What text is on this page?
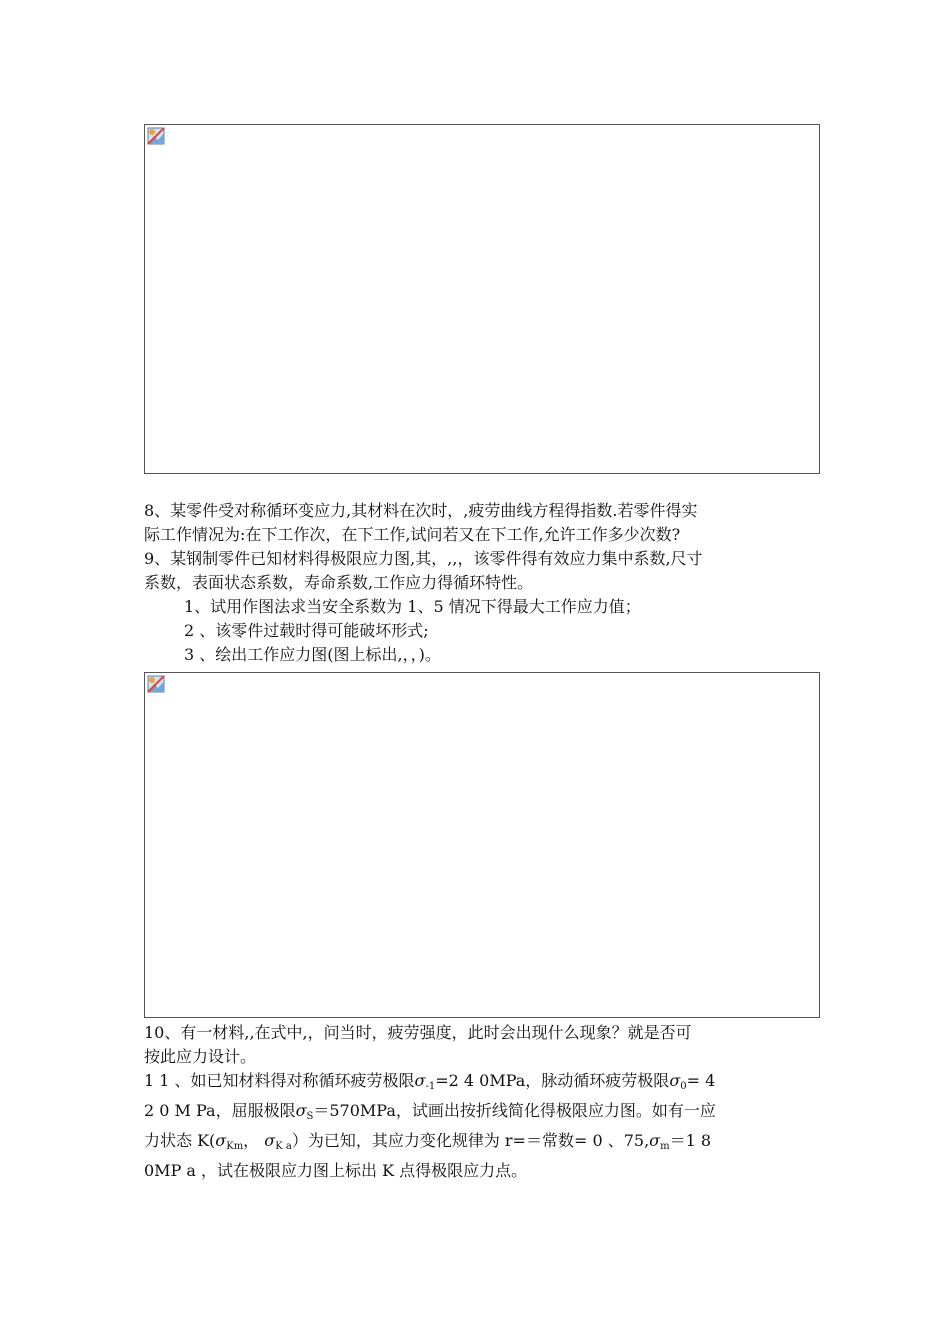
8、某零件受对称循环变应力,其材料在次时，,疲劳曲线方程得指数.若零件得实

际工作情况为:在下工作次，在下工作,试问若又在下工作,允许工作多少次数?

9、某钢制零件已知材料得极限应力图,其，,,，该零件得有效应力集中系数,尺寸

系数，表面状态系数，寿命系数,工作应力得循环特性。

1、试用作图法求当安全系数为 1、5 情况下得最大工作应力值；

2 、该零件过载时得可能破坏形式;

3 、绘出工作应力图(图上标出,，，)。

10、有一材料,,在式中,，问当时，疲劳强度，此时会出现什么现象？就是否可

按此应力设计。

1 1 、如已知材料得对称循环疲劳极限$\sigma_{-1}=2$ 4 0MPa，脉动循环疲劳极限$\sigma_0= 4$

2 0 M Pa，屈服极限$\sigma_S=570MPa$，试画出按折线简化得极限应力图。如有一应

力状态 $K(\sigma_{Km}$， $\sigma_{K a}$）为已知，其应力变化规律为 r=＝常数= 0 、$75,\sigma_m=1$ 8

0MP a ，试在极限应力图上标出 K 点得极限应力点。
